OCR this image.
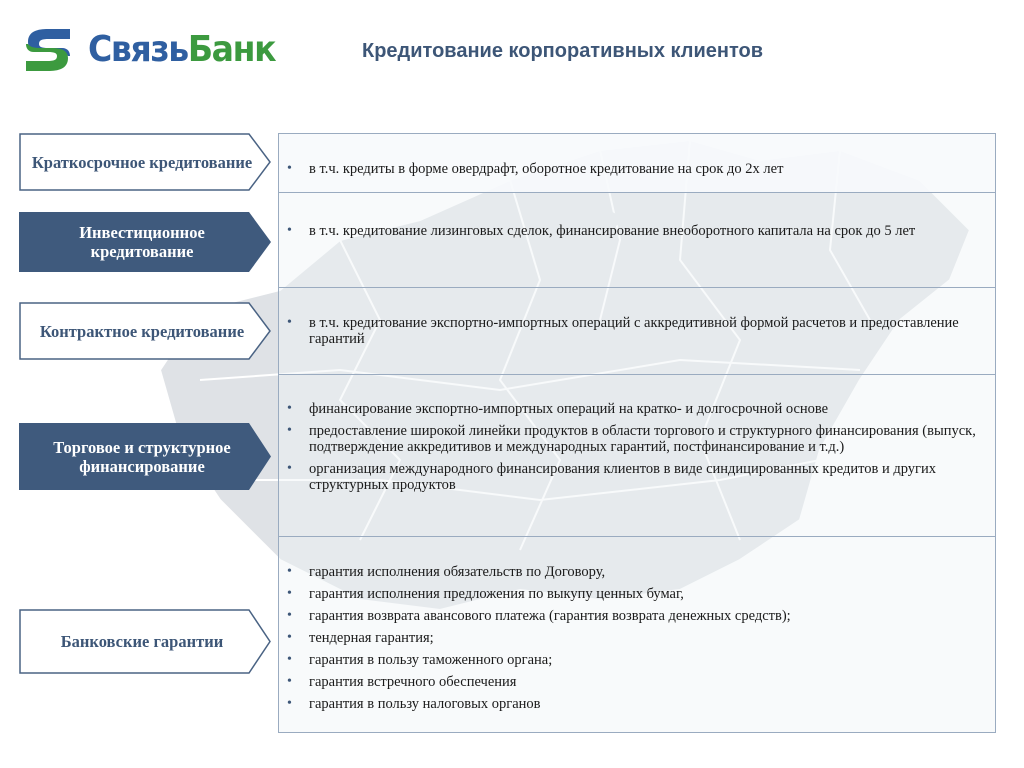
СвязьБанк	Кредитование корпоративных клиентов
• в т.ч. кредиты в форме овердрафт, оборотное кредитование на срок до 2х лет
• в т.ч. кредитование лизинговых сделок, финансирование внеоборотного капитала на срок до 5 лет
• в т.ч. кредитование экспортно-импортных операций с аккредитивной формой расчетов и предоставление гарантий
• финансирование экспортно-импортных операций на кратко- и долгосрочной основе
• предоставление широкой линейки продуктов в области торгового и структурного финансирования (выпуск, подтверждение аккредитивов и международных гарантий, постфинансирование и т.д.)
• организация международного финансирования клиентов в виде синдицированных кредитов и других структурных продуктов
• гарантия исполнения обязательств по Договору,
• гарантия исполнения предложения по выкупу ценных бумаг,
• гарантия возврата авансового платежа (гарантия возврата денежных средств);
• тендерная гарантия;
• гарантия в пользу таможенного органа;
• гарантия встречного обеспечения
• гарантия в пользу налоговых органов
Краткосрочное кредитование
Инвестиционное кредитование
Контрактное кредитование
Торговое и структурное финансирование
Банковские гарантии
